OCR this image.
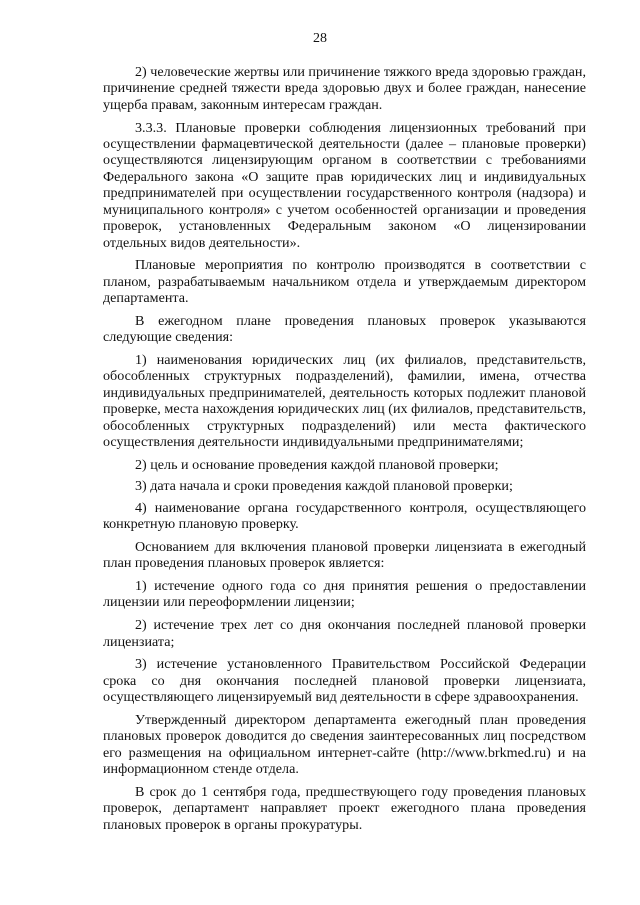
28

2) человеческие жертвы или причинение тяжкого вреда здоровью граждан, причинение средней тяжести вреда здоровью двух и более граждан, нанесение ущерба правам, законным интересам граждан.

3.3.3. Плановые проверки соблюдения лицензионных требований при осуществлении фармацевтической деятельности (далее – плановые проверки) осуществляются лицензирующим органом в соответствии с требованиями Федерального закона «О защите прав юридических лиц и индивидуальных предпринимателей при осуществлении государственного контроля (надзора) и муниципального контроля» с учетом особенностей организации и проведения проверок, установленных Федеральным законом «О лицензировании отдельных видов деятельности».

Плановые мероприятия по контролю производятся в соответствии с планом, разрабатываемым начальником отдела и утверждаемым директором департамента.

В ежегодном плане проведения плановых проверок указываются следующие сведения:

1) наименования юридических лиц (их филиалов, представительств, обособленных структурных подразделений), фамилии, имена, отчества индивидуальных предпринимателей, деятельность которых подлежит плановой проверке, места нахождения юридических лиц (их филиалов, представительств, обособленных структурных подразделений) или места фактического осуществления деятельности индивидуальными предпринимателями;

2) цель и основание проведения каждой плановой проверки;

3) дата начала и сроки проведения каждой плановой проверки;

4) наименование органа государственного контроля, осуществляющего конкретную плановую проверку.

Основанием для включения плановой проверки лицензиата в ежегодный план проведения плановых проверок является:

1) истечение одного года со дня принятия решения о предоставлении лицензии или переоформлении лицензии;

2) истечение трех лет со дня окончания последней плановой проверки лицензиата;

3) истечение установленного Правительством Российской Федерации срока со дня окончания последней плановой проверки лицензиата, осуществляющего лицензируемый вид деятельности в сфере здравоохранения.

Утвержденный директором департамента ежегодный план проведения плановых проверок доводится до сведения заинтересованных лиц посредством его размещения на официальном интернет-сайте (http://www.brkmed.ru) и на информационном стенде отдела.

В срок до 1 сентября года, предшествующего году проведения плановых проверок, департамент направляет проект ежегодного плана проведения плановых проверок в органы прокуратуры.
